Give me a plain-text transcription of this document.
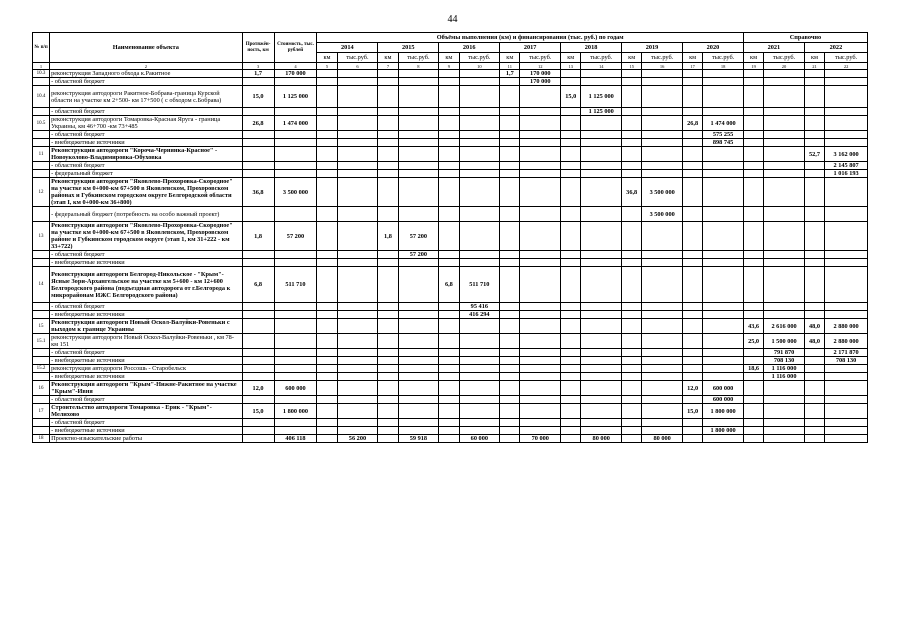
44
№ п/п	Наименование объекта	Протяжён-ность, км	Стоимость, тыс. рублей	Объёмы выполнения (км) и финансирования (тыс. руб.) по годам														Справочно			
				2014		2015		2016		2017		2018		2019		2020		2021		2022	
				км	тыс.руб.	км	тыс.руб.	км	тыс.руб.	км	тыс.руб.	км	тыс.руб.	км	тыс.руб.	км	тыс.руб.	км	тыс.руб.	км	тыс.руб.
1	2	3	4	5	6	7	8	9	10	11	12	13	14	15	16	17	18	19	20	21	22
10.3	реконструкция Западного обхода к.Ракитное	1,7	170 000							1,7	170 000										
	- областной бюджет										170 000										
10.4	реконструкция автодороги Ракитное-Бобравa-граница Курской области на участке км 2+500- км 17+500 ( с обходом с.Бобрава)	15,0	1 125 000									15,0	1 125 000								
	- областной бюджет												1 125 000								
10.5	реконструкция автодороги Томаровка-Красная Яруга - граница Украины, км 46+700 -км 73+485	26,8	1 474 000													26,8	1 474 000				
	- областной бюджет																575 255				
	- внебюджетные источники																898 745				
11	Реконструкция автодороги "Короча-Чернянка-Красное" - Новоуколово-Владимировка-Обуховка																			52,7	3 162 000
	- областной бюджет																				2 145 807
	- федеральный бюджет																				1 016 193
12	Реконструкция автодороги "Яковлево-Прохоровка-Скородное" на участке км 0+000-км 67+500 в Яковлевском, Прохоровском районах и Губкинском городском округе Белгородской области (этап I, км 0+000-км 36+800)	36,8	3 500 000											36,8	3 500 000						
	- федеральный бюджет (потребность на особо важный проект)														3 500 000						
13	Реконструкция автодороги "Яковлево-Прохоровка-Скородное" на участке км 0+000-км 67+500 в Яковлевском, Прохоровском районе и Губкинском городском округе (этап 1, км 31+222 - км 33+722)	1,8	57 200			1,8	57 200														
	- областной бюджет						57 200														
	- внебюджетные источники																				
14	Реконструкция автодороги Белгород-Никольское - "Крым"-Ясные Зори-Архангельское на участке км 5+600 - км 12+600 Белгородского района (подъездная автодорога от г.Белгорода к микрорайонам ИЖС Белгородского района)	6,8	511 710					6,8	511 710												
	- областной бюджет								95 416												
	- внебюджетные источники								416 294												
15	Реконструкция автодороги Новый Оскол-Валуйки-Ровеньки с выходом к границе Украины																	43,6	2 616 000	48,0	2 880 000
15.1	реконструкция автодороги Новый Оскол-Валуйки-Ровеньки , км 78-км 151																	25,0	1 500 000	48,0	2 880 000
	- областной бюджет																		791 870		2 171 870
	- внебюджетные источники																		708 130		708 130
15.2	реконструкция автодороги Россошь - Старобельск																	18,6	1 116 000		
	- внебюджетные источники																		1 116 000		
16	Реконструкция автодороги "Крым"-Нижне-Ракитное на участке "Крым"-Ивня	12,0	600 000													12,0	600 000				
	- областной бюджет																600 000				
17	Строительство автодороги Томаровка - Ерик - "Крым"- Мелихово	15,0	1 800 000													15,0	1 800 000				
	- областной бюджет																				
	- внебюджетные источники																1 800 000				
18	Проектно-изыскательские работы		406 118		56 200		59 918		60 000		70 000		80 000		80 000						
